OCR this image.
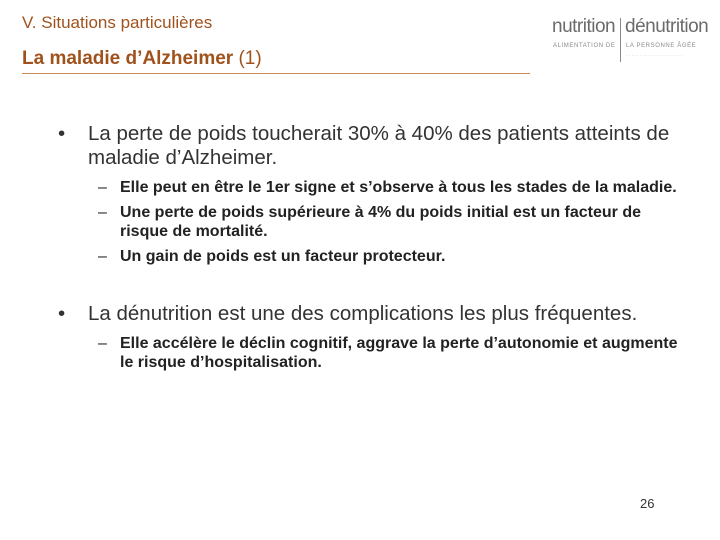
V. Situations particulières
La maladie d’Alzheimer (1)
nutrition dénutrition
ALIMENTATION DE LA PERSONNE ÂGÉE
· · · · · · · · · · · · · · · · · · · · ·
• La perte de poids toucherait 30% à 40% des patients atteints de maladie d’Alzheimer.
– Elle peut en être le 1er signe et s’observe à tous les stades de la maladie.
– Une perte de poids supérieure à 4% du poids initial est un facteur de risque de mortalité.
– Un gain de poids est un facteur protecteur.
• La dénutrition est une des complications les plus fréquentes.
– Elle accélère le déclin cognitif, aggrave la perte d’autonomie et augmente le risque d’hospitalisation.
26
